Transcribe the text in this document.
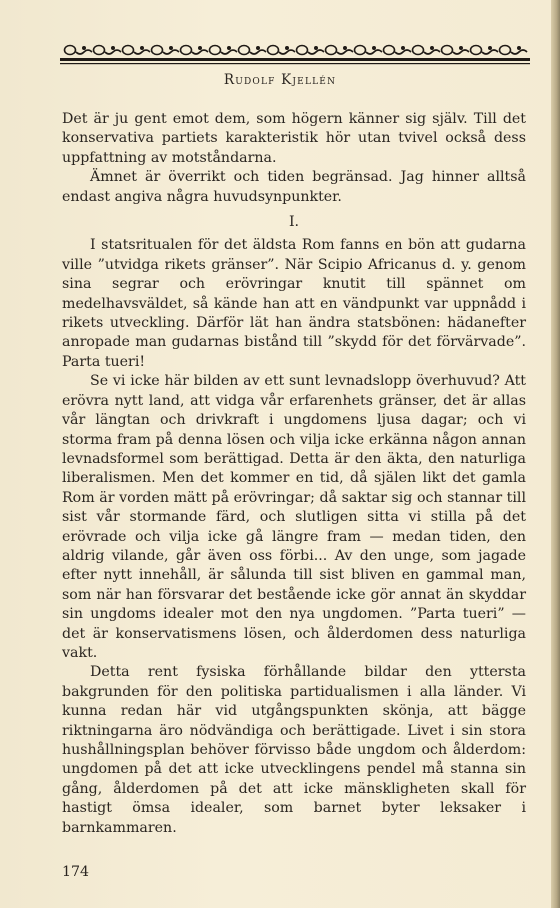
Rudolf Kjellén

Det är ju gent emot dem, som högern känner sig själv. Till det konservativa partiets karakteristik hör utan tvivel också dess uppfattning av motståndarna.

Ämnet är överrikt och tiden begränsad. Jag hinner alltså endast angiva några huvudsynpunkter.

I.

I statsritualen för det äldsta Rom fanns en bön att gudarna ville ”utvidga rikets gränser”. När Scipio Africanus d. y. genom sina segrar och erövringar knutit till spännet om medelhavsväldet, så kände han att en vändpunkt var uppnådd i rikets utveckling. Därför lät han ändra statsbönen: hädanefter anropade man gudarnas bistånd till ”skydd för det förvärvade”. Parta tueri!

Se vi icke här bilden av ett sunt levnadslopp överhuvud? Att erövra nytt land, att vidga vår erfarenhets gränser, det är allas vår längtan och drivkraft i ungdomens ljusa dagar; och vi storma fram på denna lösen och vilja icke erkänna någon annan levnadsformel som berättigad. Detta är den äkta, den naturliga liberalismen. Men det kommer en tid, då själen likt det gamla Rom är vorden mätt på erövringar; då saktar sig och stannar till sist vår stormande färd, och slutligen sitta vi stilla på det erövrade och vilja icke gå längre fram — medan tiden, den aldrig vilande, går även oss förbi... Av den unge, som jagade efter nytt innehåll, är sålunda till sist bliven en gammal man, som när han försvarar det bestående icke gör annat än skyddar sin ungdoms idealer mot den nya ungdomen. ”Parta tueri” — det är konservatismens lösen, och ålderdomen dess naturliga vakt.

Detta rent fysiska förhållande bildar den yttersta bakgrunden för den politiska partidualismen i alla länder. Vi kunna redan här vid utgångspunkten skönja, att bägge riktningarna äro nödvändiga och berättigade. Livet i sin stora hushållningsplan behöver förvisso både ungdom och ålderdom: ungdomen på det att icke utvecklingens pendel må stanna sin gång, ålderdomen på det att icke mänskligheten skall för hastigt ömsa idealer, som barnet byter leksaker i barnkammaren.

174
